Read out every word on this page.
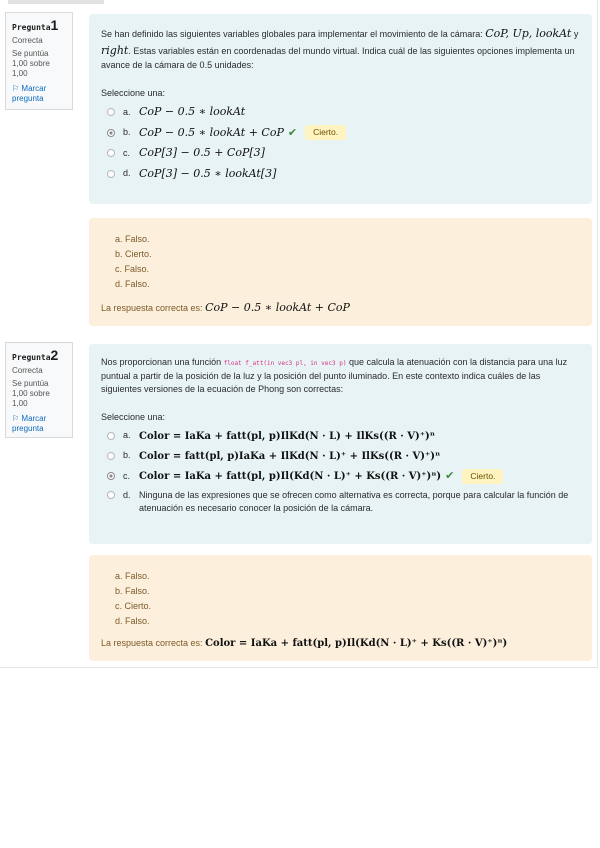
Pregunta1
Correcta
Se puntúa 1,00 sobre 1,00
⚐ Marcar pregunta
Se han definido las siguientes variables globales para implementar el movimiento de la cámara: CoP, Up, lookAt y right. Estas variables están en coordenadas del mundo virtual. Indica cuál de las siguientes opciones implementa un avance de la cámara de 0.5 unidades:
Seleccione una:
a. CoP − 0.5 ∗ lookAt
b. CoP − 0.5 ∗ lookAt + CoP ✔	Cierto.
c. CoP[3] − 0.5 + CoP[3]
d. CoP[3] − 0.5 ∗ lookAt[3]
a. Falso.
b. Cierto.
c. Falso.
d. Falso.
La respuesta correcta es: CoP − 0.5 ∗ lookAt + CoP
Pregunta2
Correcta
Se puntúa 1,00 sobre 1,00
⚐ Marcar pregunta
Nos proporcionan una función float f_att(in vec3 pl, in vec3 p) que calcula la atenuación con la distancia para una luz puntual a partir de la posición de la luz y la posición del punto iluminado. En este contexto indica cuáles de las siguientes versiones de la ecuación de Phong son correctas:
Seleccione una:
a. Color = IaKa + fatt(pl, p)IlKd(N · L) + IlKs((R · V)⁺)ⁿ
b. Color = fatt(pl, p)IaKa + IlKd(N · L)⁺ + IlKs((R · V)⁺)ⁿ
c. Color = IaKa + fatt(pl, p)Il(Kd(N · L)⁺ + Ks((R · V)⁺)ⁿ) ✔	Cierto.
d. Ninguna de las expresiones que se ofrecen como alternativa es correcta, porque para calcular la función de atenuación es necesario conocer la posición de la cámara.
a. Falso.
b. Falso.
c. Cierto.
d. Falso.
La respuesta correcta es: Color = IaKa + fatt(pl, p)Il(Kd(N · L)⁺ + Ks((R · V)⁺)ⁿ)
